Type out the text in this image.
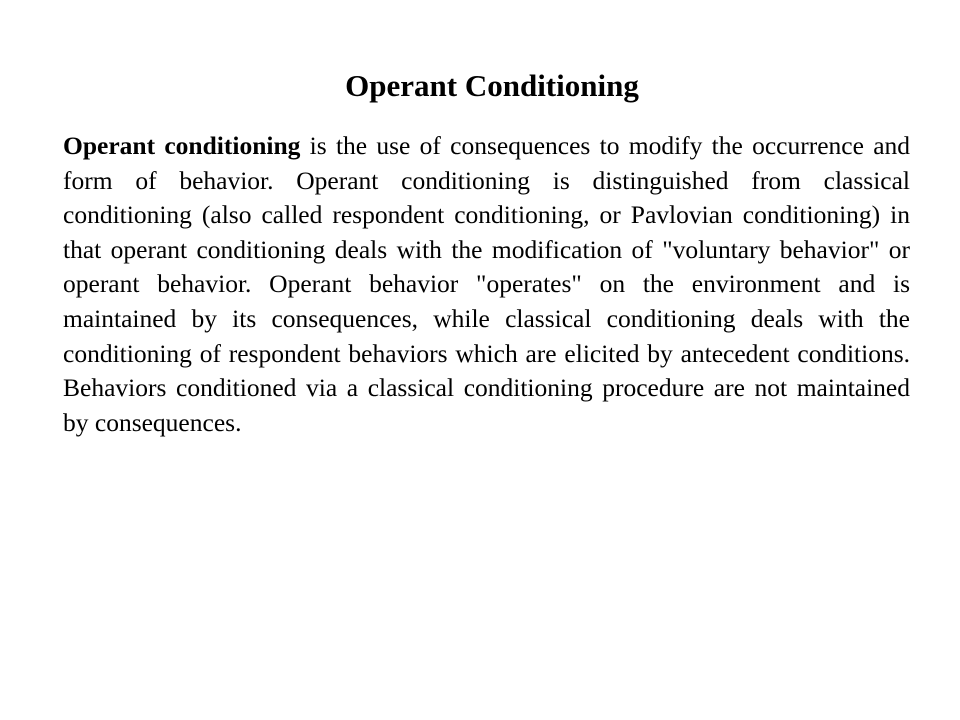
Operant Conditioning

Operant conditioning is the use of consequences to modify the occurrence and form of behavior. Operant conditioning is distinguished from classical conditioning (also called respondent conditioning, or Pavlovian conditioning) in that operant conditioning deals with the modification of "voluntary behavior" or operant behavior. Operant behavior "operates" on the environment and is maintained by its consequences, while classical conditioning deals with the conditioning of respondent behaviors which are elicited by antecedent conditions. Behaviors conditioned via a classical conditioning procedure are not maintained by consequences.
